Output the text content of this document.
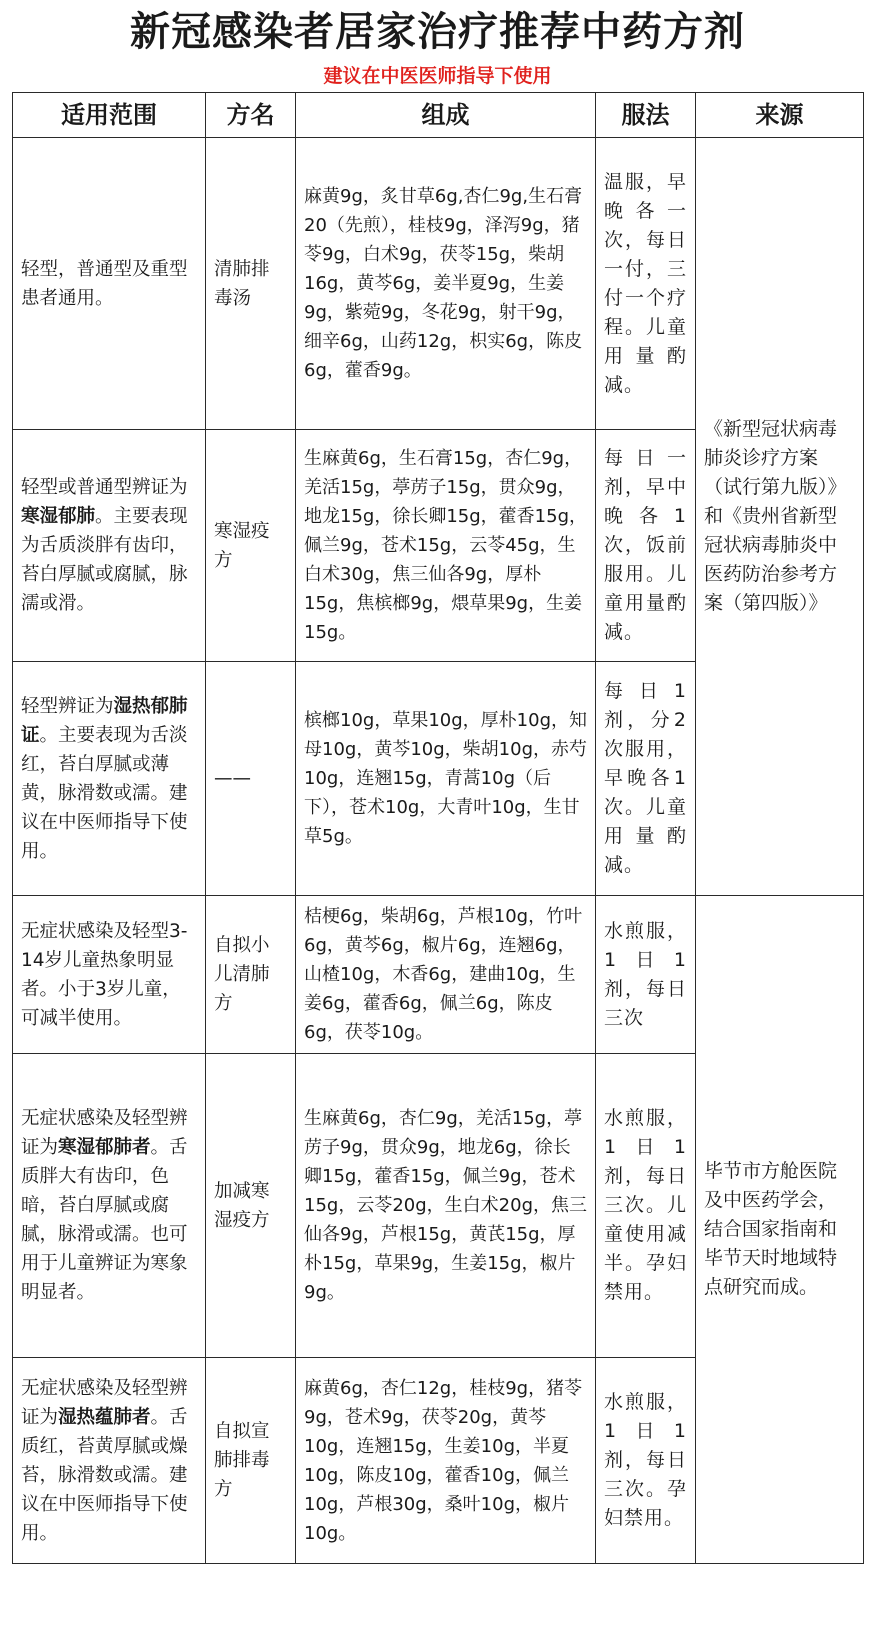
新冠感染者居家治疗推荐中药方剂
建议在中医医师指导下使用
适用范围	方名	组成	服法	来源
轻型，普通型及重型患者通用。	清肺排毒汤	麻黄9g，炙甘草6g,杏仁9g,生石膏20（先煎），桂枝9g，泽泻9g，猪苓9g，白术9g，茯苓15g，柴胡16g，黄芩6g，姜半夏9g，生姜9g，紫菀9g，冬花9g，射干9g，细辛6g，山药12g，枳实6g，陈皮6g，藿香9g。	温服，早晚各一次，每日一付，三付一个疗程。儿童用量酌减。	《新型冠状病毒肺炎诊疗方案（试行第九版）》和《贵州省新型冠状病毒肺炎中医药防治参考方案（第四版）》
轻型或普通型辨证为寒湿郁肺。主要表现为舌质淡胖有齿印，苔白厚腻或腐腻，脉濡或滑。	寒湿疫方	生麻黄6g，生石膏15g，杏仁9g，羌活15g，葶苈子15g，贯众9g，地龙15g，徐长卿15g，藿香15g，佩兰9g，苍术15g，云苓45g，生白术30g，焦三仙各9g，厚朴15g，焦槟榔9g，煨草果9g，生姜15g。	每日一剂，早中晚各1次，饭前服用。儿童用量酌减。	
轻型辨证为湿热郁肺证。主要表现为舌淡红，苔白厚腻或薄黄，脉滑数或濡。建议在中医师指导下使用。	——	槟榔10g，草果10g，厚朴10g，知母10g，黄芩10g，柴胡10g，赤芍10g，连翘15g，青蒿10g（后下），苍术10g，大青叶10g，生甘草5g。	每日1剂，分2次服用，早晚各1次。儿童用量酌减。	
无症状感染及轻型3-14岁儿童热象明显者。小于3岁儿童，可减半使用。	自拟小儿清肺方	桔梗6g，柴胡6g，芦根10g，竹叶6g，黄芩6g，椒片6g，连翘6g，山楂10g，木香6g，建曲10g，生姜6g，藿香6g，佩兰6g，陈皮6g，茯苓10g。	水煎服，1日1剂，每日三次	毕节市方舱医院及中医药学会，结合国家指南和毕节天时地域特点研究而成。
无症状感染及轻型辨证为寒湿郁肺者。舌质胖大有齿印，色暗，苔白厚腻或腐腻，脉滑或濡。也可用于儿童辨证为寒象明显者。	加减寒湿疫方	生麻黄6g，杏仁9g，羌活15g，葶苈子9g，贯众9g，地龙6g，徐长卿15g，藿香15g，佩兰9g，苍术15g，云苓20g，生白术20g，焦三仙各9g，芦根15g，黄芪15g，厚朴15g，草果9g，生姜15g，椒片9g。	水煎服，1日1剂，每日三次。儿童使用减半。孕妇禁用。	
无症状感染及轻型辨证为湿热蕴肺者。舌质红，苔黄厚腻或燥苔，脉滑数或濡。建议在中医师指导下使用。	自拟宣肺排毒方	麻黄6g，杏仁12g，桂枝9g，猪苓9g，苍术9g，茯苓20g，黄芩10g，连翘15g，生姜10g，半夏10g，陈皮10g，藿香10g，佩兰10g，芦根30g，桑叶10g，椒片10g。	水煎服，1日1剂，每日三次。孕妇禁用。	
